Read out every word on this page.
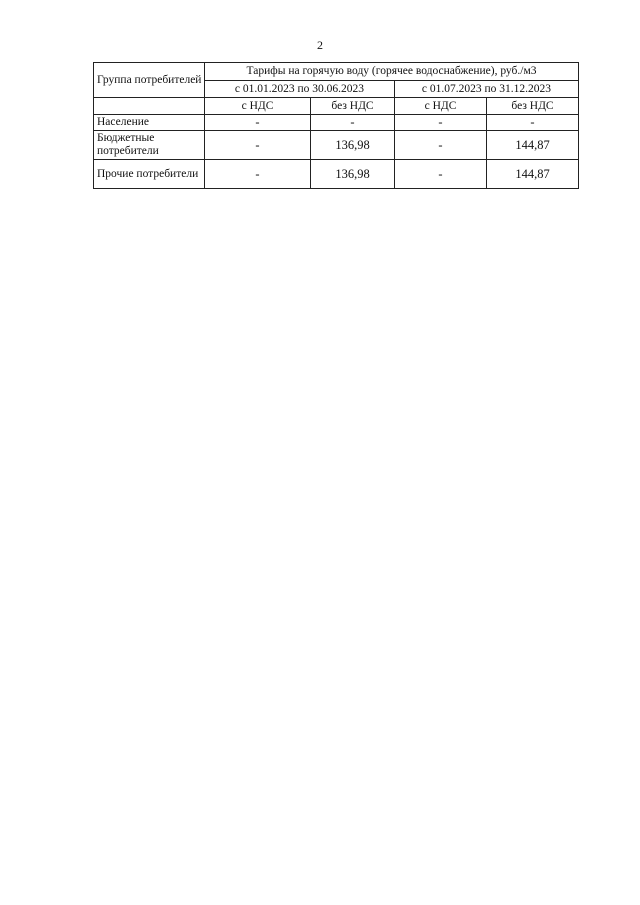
2
Группа потребителей	Тарифы на горячую воду (горячее водоснабжение), руб./м3			
	с 01.01.2023 по 30.06.2023		с 01.07.2023 по 31.12.2023	
	с НДС	без НДС	с НДС	без НДС
Население	-	-	-	-
Бюджетные потребители	-	136,98	-	144,87
Прочие потребители	-	136,98	-	144,87
